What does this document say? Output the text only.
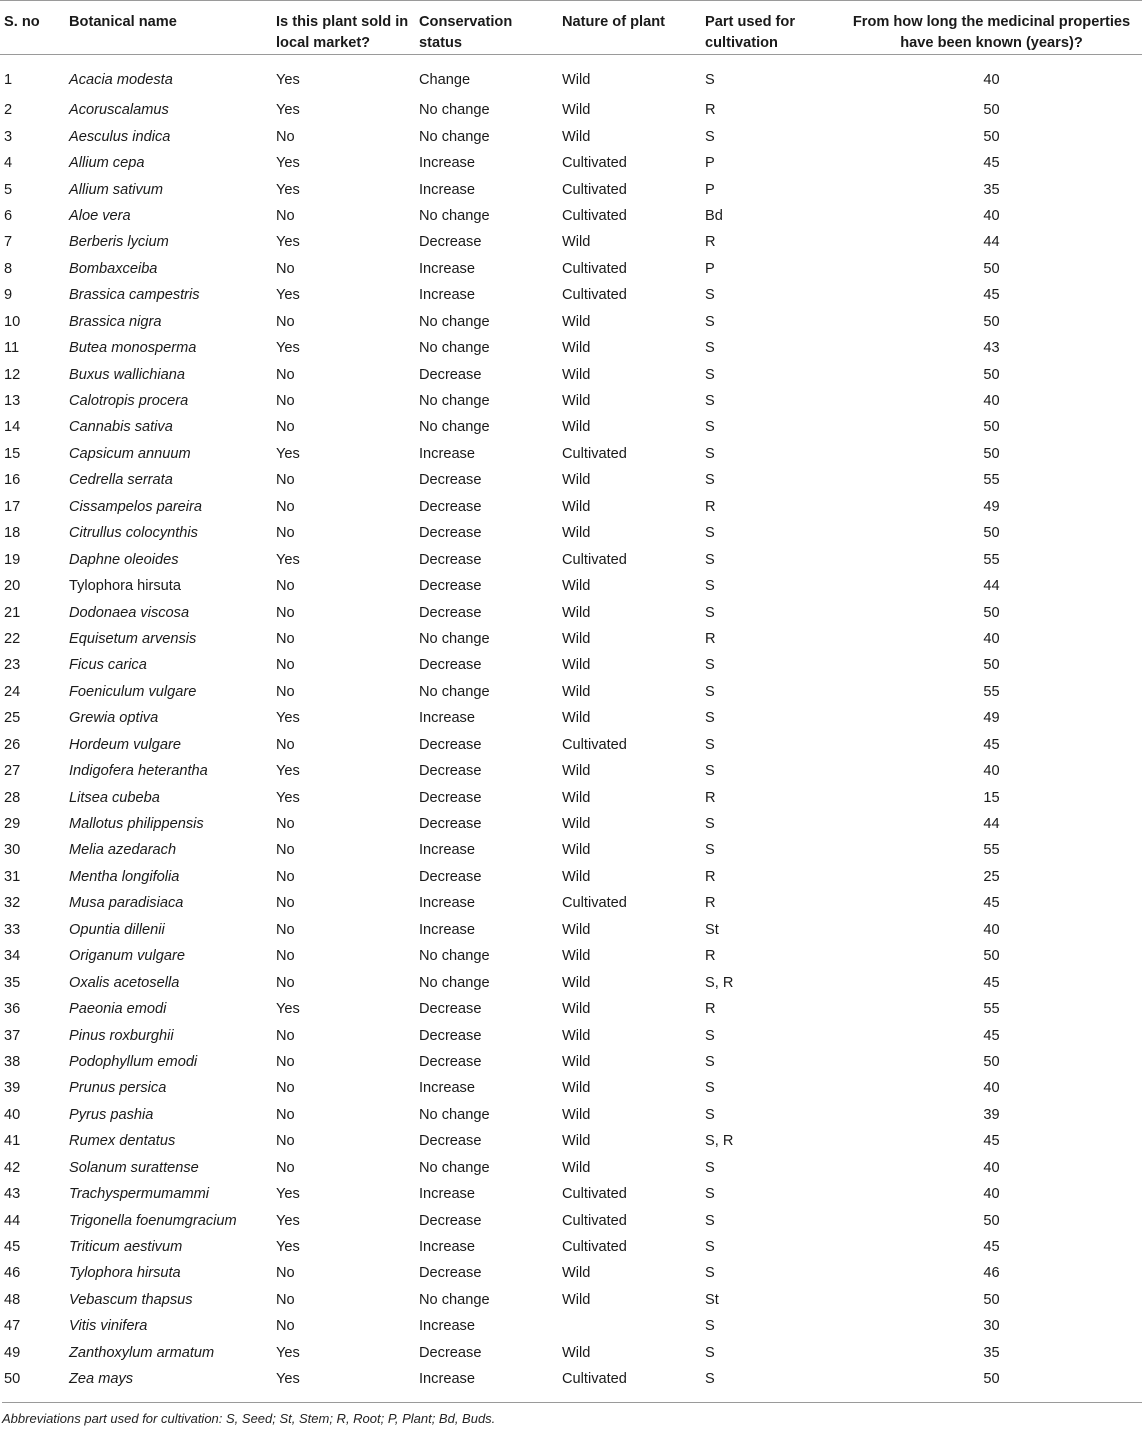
S. no	Botanical name	Is this plant sold in local market?	Conservation status	Nature of plant	Part used for cultivation	From how long the medicinal properties have been known (years)?
1	Acacia modesta	Yes	Change	Wild	S	40
2	Acoruscalamus	Yes	No change	Wild	R	50
3	Aesculus indica	No	No change	Wild	S	50
4	Allium cepa	Yes	Increase	Cultivated	P	45
5	Allium sativum	Yes	Increase	Cultivated	P	35
6	Aloe vera	No	No change	Cultivated	Bd	40
7	Berberis lycium	Yes	Decrease	Wild	R	44
8	Bombaxceiba	No	Increase	Cultivated	P	50
9	Brassica campestris	Yes	Increase	Cultivated	S	45
10	Brassica nigra	No	No change	Wild	S	50
11	Butea monosperma	Yes	No change	Wild	S	43
12	Buxus wallichiana	No	Decrease	Wild	S	50
13	Calotropis procera	No	No change	Wild	S	40
14	Cannabis sativa	No	No change	Wild	S	50
15	Capsicum annuum	Yes	Increase	Cultivated	S	50
16	Cedrella serrata	No	Decrease	Wild	S	55
17	Cissampelos pareira	No	Decrease	Wild	R	49
18	Citrullus colocynthis	No	Decrease	Wild	S	50
19	Daphne oleoides	Yes	Decrease	Cultivated	S	55
20	Tylophora hirsuta	No	Decrease	Wild	S	44
21	Dodonaea viscosa	No	Decrease	Wild	S	50
22	Equisetum arvensis	No	No change	Wild	R	40
23	Ficus carica	No	Decrease	Wild	S	50
24	Foeniculum vulgare	No	No change	Wild	S	55
25	Grewia optiva	Yes	Increase	Wild	S	49
26	Hordeum vulgare	No	Decrease	Cultivated	S	45
27	Indigofera heterantha	Yes	Decrease	Wild	S	40
28	Litsea cubeba	Yes	Decrease	Wild	R	15
29	Mallotus philippensis	No	Decrease	Wild	S	44
30	Melia azedarach	No	Increase	Wild	S	55
31	Mentha longifolia	No	Decrease	Wild	R	25
32	Musa paradisiaca	No	Increase	Cultivated	R	45
33	Opuntia dillenii	No	Increase	Wild	St	40
34	Origanum vulgare	No	No change	Wild	R	50
35	Oxalis acetosella	No	No change	Wild	S, R	45
36	Paeonia emodi	Yes	Decrease	Wild	R	55
37	Pinus roxburghii	No	Decrease	Wild	S	45
38	Podophyllum emodi	No	Decrease	Wild	S	50
39	Prunus persica	No	Increase	Wild	S	40
40	Pyrus pashia	No	No change	Wild	S	39
41	Rumex dentatus	No	Decrease	Wild	S, R	45
42	Solanum surattense	No	No change	Wild	S	40
43	Trachyspermumammi	Yes	Increase	Cultivated	S	40
44	Trigonella foenumgracium	Yes	Decrease	Cultivated	S	50
45	Triticum aestivum	Yes	Increase	Cultivated	S	45
46	Tylophora hirsuta	No	Decrease	Wild	S	46
48	Vebascum thapsus	No	No change	Wild	St	50
47	Vitis vinifera	No	Increase		S	30
49	Zanthoxylum armatum	Yes	Decrease	Wild	S	35
50	Zea mays	Yes	Increase	Cultivated	S	50
Abbreviations part used for cultivation: S, Seed; St, Stem; R, Root; P, Plant; Bd, Buds.
